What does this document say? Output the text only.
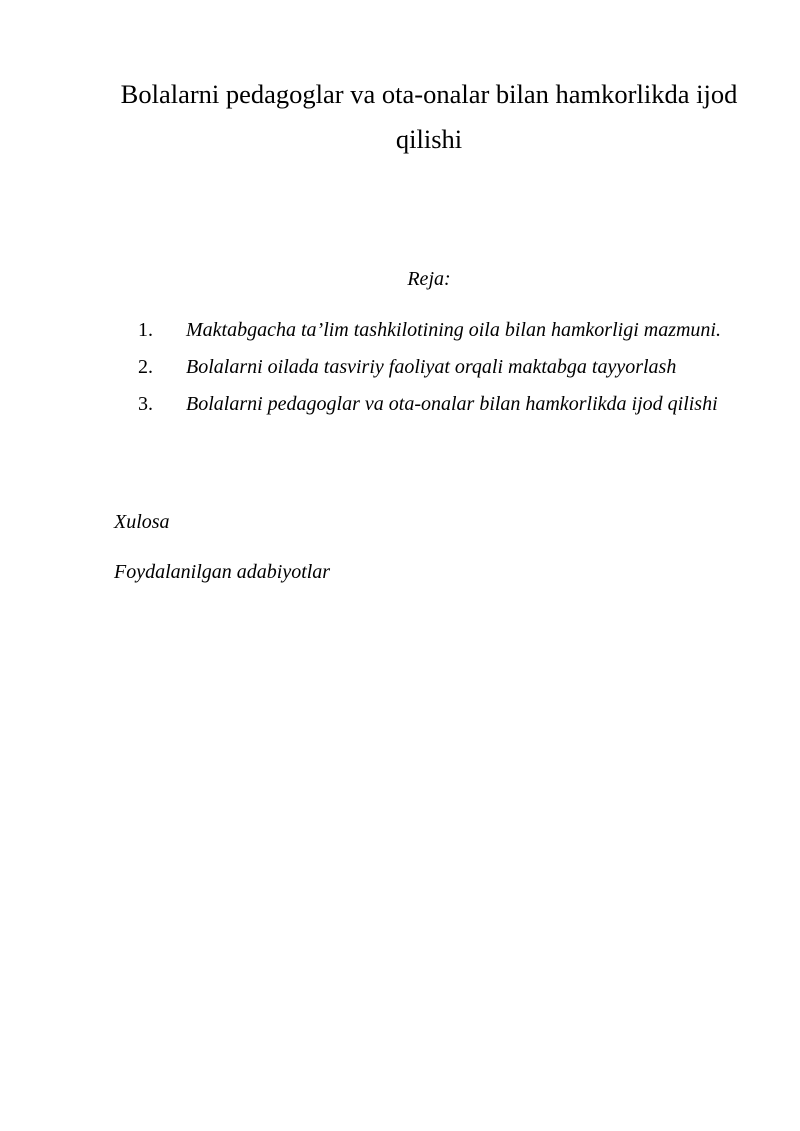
Bolalarni pedagoglar va ota-onalar bilan hamkorlikda ijod qilishi
Reja:
1. Maktabgacha ta’lim tashkilotining oila bilan hamkorligi mazmuni.
2. Bolalarni oilada tasviriy faoliyat orqali maktabga tayyorlash
3. Bolalarni pedagoglar va ota-onalar bilan hamkorlikda ijod qilishi
Xulosa
Foydalanilgan adabiyotlar
